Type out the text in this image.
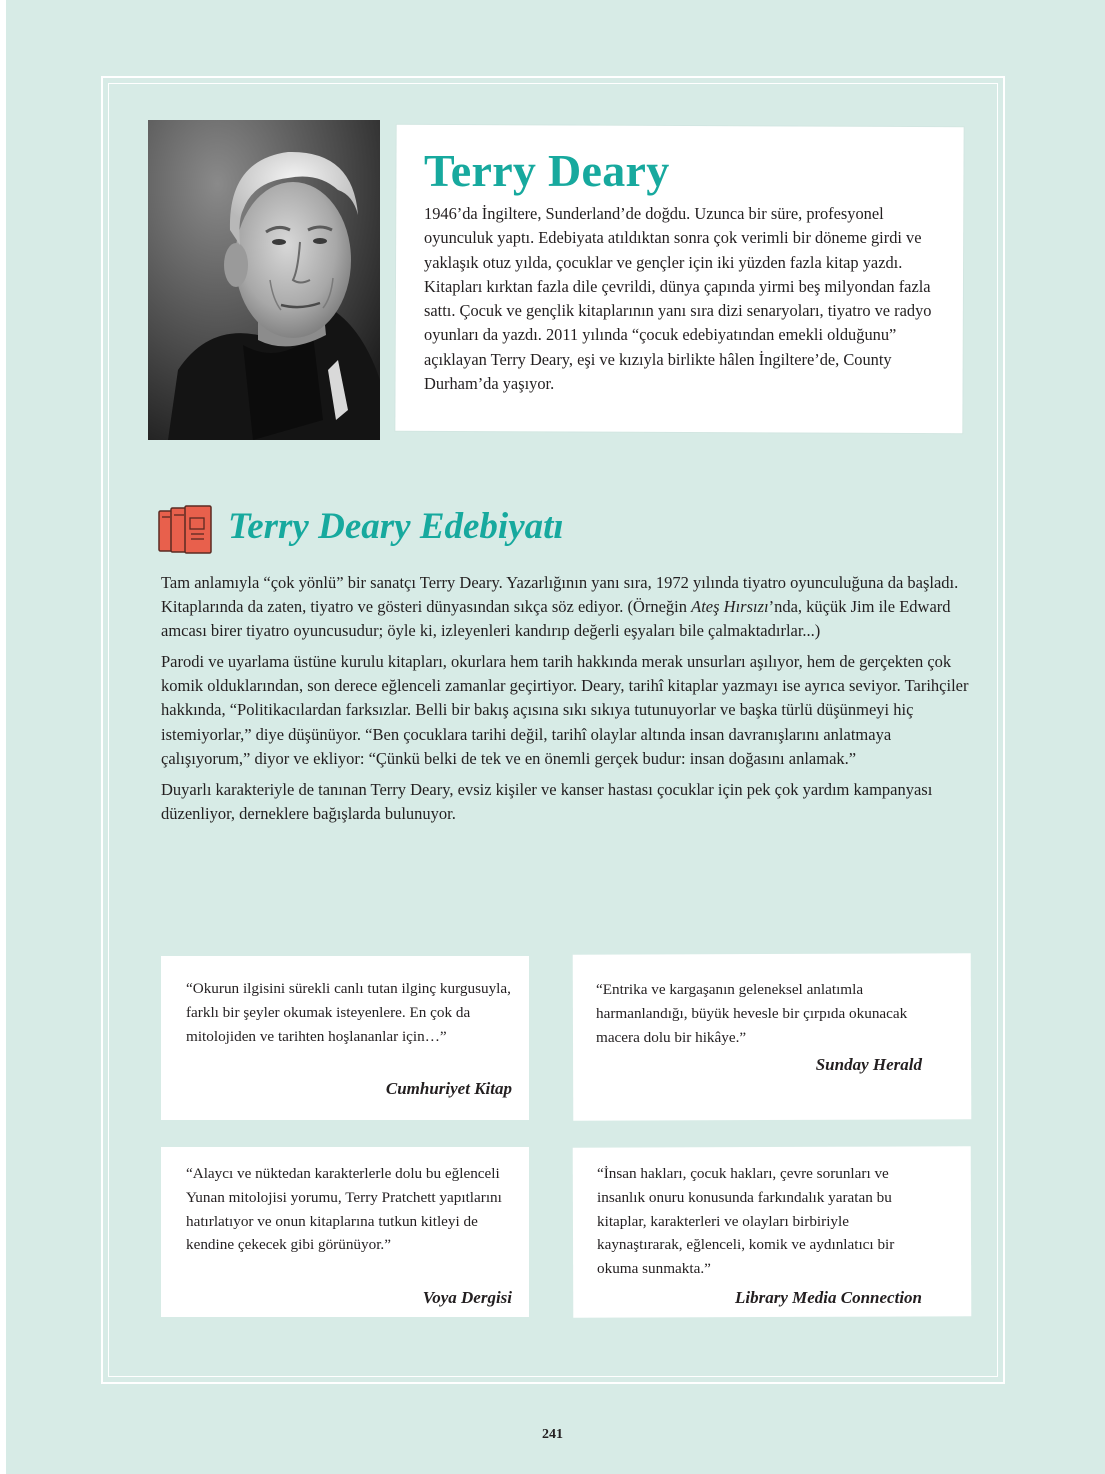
Terry Deary

1946’da İngiltere, Sunderland’de doğdu. Uzunca bir süre, profesyonel oyunculuk yaptı. Edebiyata atıldıktan sonra çok verimli bir döneme girdi ve yaklaşık otuz yılda, çocuklar ve gençler için iki yüzden fazla kitap yazdı. Kitapları kırktan fazla dile çevrildi, dünya çapında yirmi beş milyondan fazla sattı. Çocuk ve gençlik kitaplarının yanı sıra dizi senaryoları, tiyatro ve radyo oyunları da yazdı. 2011 yılında “çocuk edebiyatından emekli olduğunu” açıklayan Terry Deary, eşi ve kızıyla birlikte hâlen İngiltere’de, County Durham’da yaşıyor.

Terry Deary Edebiyatı

Tam anlamıyla “çok yönlü” bir sanatçı Terry Deary. Yazarlığının yanı sıra, 1972 yılında tiyatro oyunculuğuna da başladı. Kitaplarında da zaten, tiyatro ve gösteri dünyasından sıkça söz ediyor. (Örneğin Ateş Hırsızı’nda, küçük Jim ile Edward amcası birer tiyatro oyuncusudur; öyle ki, izleyenleri kandırıp değerli eşyaları bile çalmaktadırlar...)

Parodi ve uyarlama üstüne kurulu kitapları, okurlara hem tarih hakkında merak unsurları aşılıyor, hem de gerçekten çok komik olduklarından, son derece eğlenceli zamanlar geçirtiyor. Deary, tarihî kitaplar yazmayı ise ayrıca seviyor. Tarihçiler hakkında, “Politikacılardan farksızlar. Belli bir bakış açısına sıkı sıkıya tutunuyorlar ve başka türlü düşünmeyi hiç istemiyorlar,” diye düşünüyor. “Ben çocuklara tarihi değil, tarihî olaylar altında insan davranışlarını anlatmaya çalışıyorum,” diyor ve ekliyor: “Çünkü belki de tek ve en önemli gerçek budur: insan doğasını anlamak.”

Duyarlı karakteriyle de tanınan Terry Deary, evsiz kişiler ve kanser hastası çocuklar için pek çok yardım kampanyası düzenliyor, derneklere bağışlarda bulunuyor.

“Okurun ilgisini sürekli canlı tutan ilginç kurgusuyla, farklı bir şeyler okumak isteyenlere. En çok da mitolojiden ve tarihten hoşlananlar için…”

Cumhuriyet Kitap

“Entrika ve kargaşanın geleneksel anlatımla harmanlandığı, büyük hevesle bir çırpıda okunacak macera dolu bir hikâye.”

Sunday Herald

“Alaycı ve nüktedan karakterlerle dolu bu eğlenceli Yunan mitolojisi yorumu, Terry Pratchett yapıtlarını hatırlatıyor ve onun kitaplarına tutkun kitleyi de kendine çekecek gibi görünüyor.”

Voya Dergisi

“İnsan hakları, çocuk hakları, çevre sorunları ve insanlık onuru konusunda farkındalık yaratan bu kitaplar, karakterleri ve olayları birbiriyle kaynaştırarak, eğlenceli, komik ve aydınlatıcı bir okuma sunmakta.”

Library Media Connection

241
